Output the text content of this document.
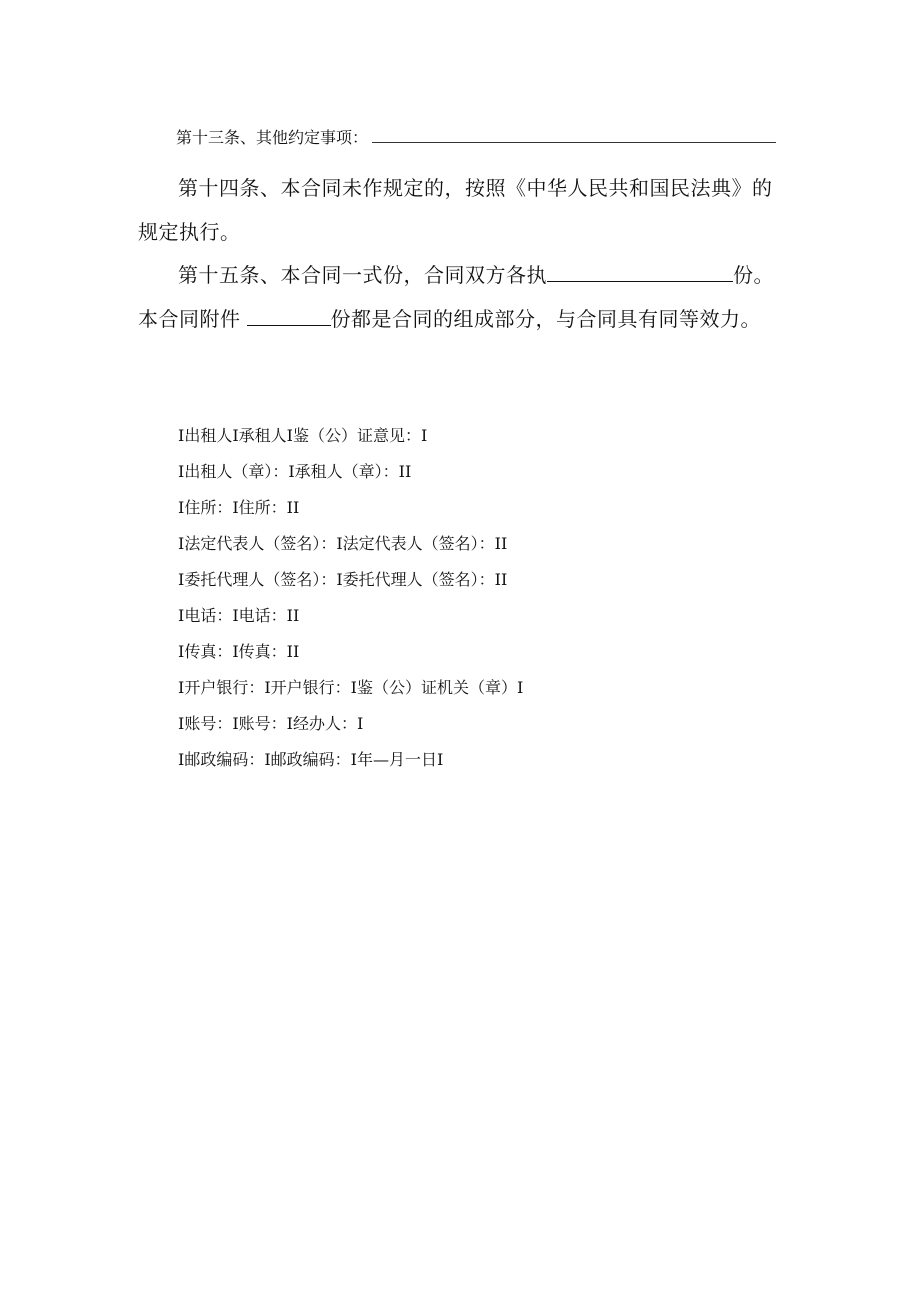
第十三条、其他约定事项：
第十四条、本合同未作规定的，按照《中华人民共和国民法典》的规定执行。
第十五条、本合同一式份，合同双方各执	份。本合同附件	份都是合同的组成部分，与合同具有同等效力。
I出租人I承租人I鉴（公）证意见：I
I出租人（章）：I承租人（章）：II
I住所：I住所：II
I法定代表人（签名）：I法定代表人（签名）：II
I委托代理人（签名）：I委托代理人（签名）：II
I电话：I电话：II
I传真：I传真：II
I开户银行：I开户银行：I鉴（公）证机关（章）I
I账号：I账号：I经办人：I
I邮政编码：I邮政编码：I年—月一日I
